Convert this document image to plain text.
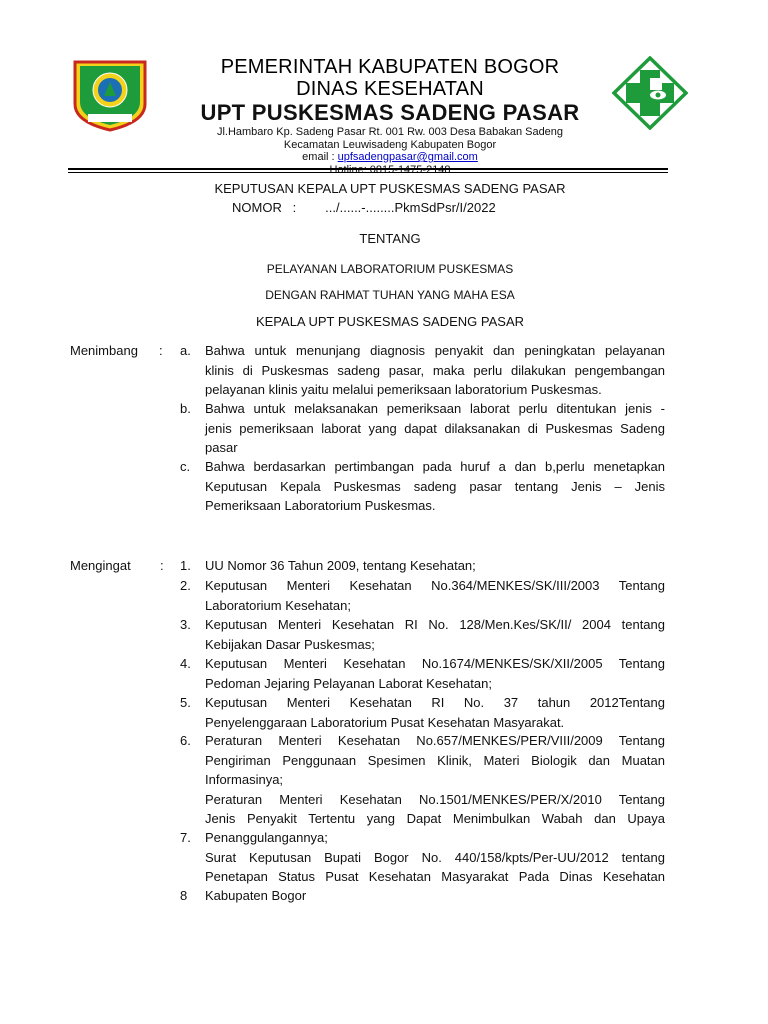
PEMERINTAH KABUPATEN BOGOR
DINAS KESEHATAN
UPT PUSKESMAS SADENG PASAR
Jl.Hambaro Kp. Sadeng Pasar Rt. 001 Rw. 003 Desa Babakan Sadeng
Kecamatan Leuwisadeng Kabupaten Bogor
email : upfsadengpasar@gmail.com
Hotline: 0815-1475-2148
KEPUTUSAN KEPALA UPT PUSKESMAS SADENG PASAR
NOMOR   :        .../......-........PkmSdPsr/I/2022
TENTANG
PELAYANAN LABORATORIUM PUSKESMAS
DENGAN RAHMAT TUHAN YANG MAHA ESA
KEPALA UPT PUSKESMAS SADENG PASAR
Menimbang : a. Bahwa untuk menunjang diagnosis penyakit dan peningkatan pelayanan
klinis di Puskesmas sadeng pasar, maka perlu dilakukan pengembangan
pelayanan klinis yaitu melalui pemeriksaan laboratorium Puskesmas.
b. Bahwa untuk melaksanakan pemeriksaan laborat perlu ditentukan jenis -
jenis pemeriksaan laborat yang dapat dilaksanakan di Puskesmas Sadeng
pasar
c. Bahwa berdasarkan pertimbangan pada huruf a dan b,perlu menetapkan
Keputusan Kepala Puskesmas sadeng pasar tentang Jenis – Jenis
Pemeriksaan Laboratorium Puskesmas.
Mengingat : 1. UU Nomor 36 Tahun 2009, tentang Kesehatan;
2. Keputusan Menteri Kesehatan No.364/MENKES/SK/III/2003 Tentang
Laboratorium Kesehatan;
3. Keputusan Menteri Kesehatan RI No. 128/Men.Kes/SK/II/ 2004 tentang
Kebijakan Dasar Puskesmas;
4. Keputusan Menteri Kesehatan No.1674/MENKES/SK/XII/2005 Tentang
Pedoman Jejaring Pelayanan Laborat Kesehatan;
5. Keputusan Menteri Kesehatan RI No. 37 tahun 2012Tentang
Penyelenggaraan Laboratorium Pusat Kesehatan Masyarakat.
6. Peraturan Menteri Kesehatan No.657/MENKES/PER/VIII/2009 Tentang
Pengiriman Penggunaan Spesimen Klinik, Materi Biologik dan Muatan
Informasinya;
Peraturan Menteri Kesehatan No.1501/MENKES/PER/X/2010 Tentang
Jenis Penyakit Tertentu yang Dapat Menimbulkan Wabah dan Upaya
7. Penanggulangannya;
Surat Keputusan Bupati Bogor No. 440/158/kpts/Per-UU/2012 tentang
Penetapan Status Pusat Kesehatan Masyarakat Pada Dinas Kesehatan
8 Kabupaten Bogor
